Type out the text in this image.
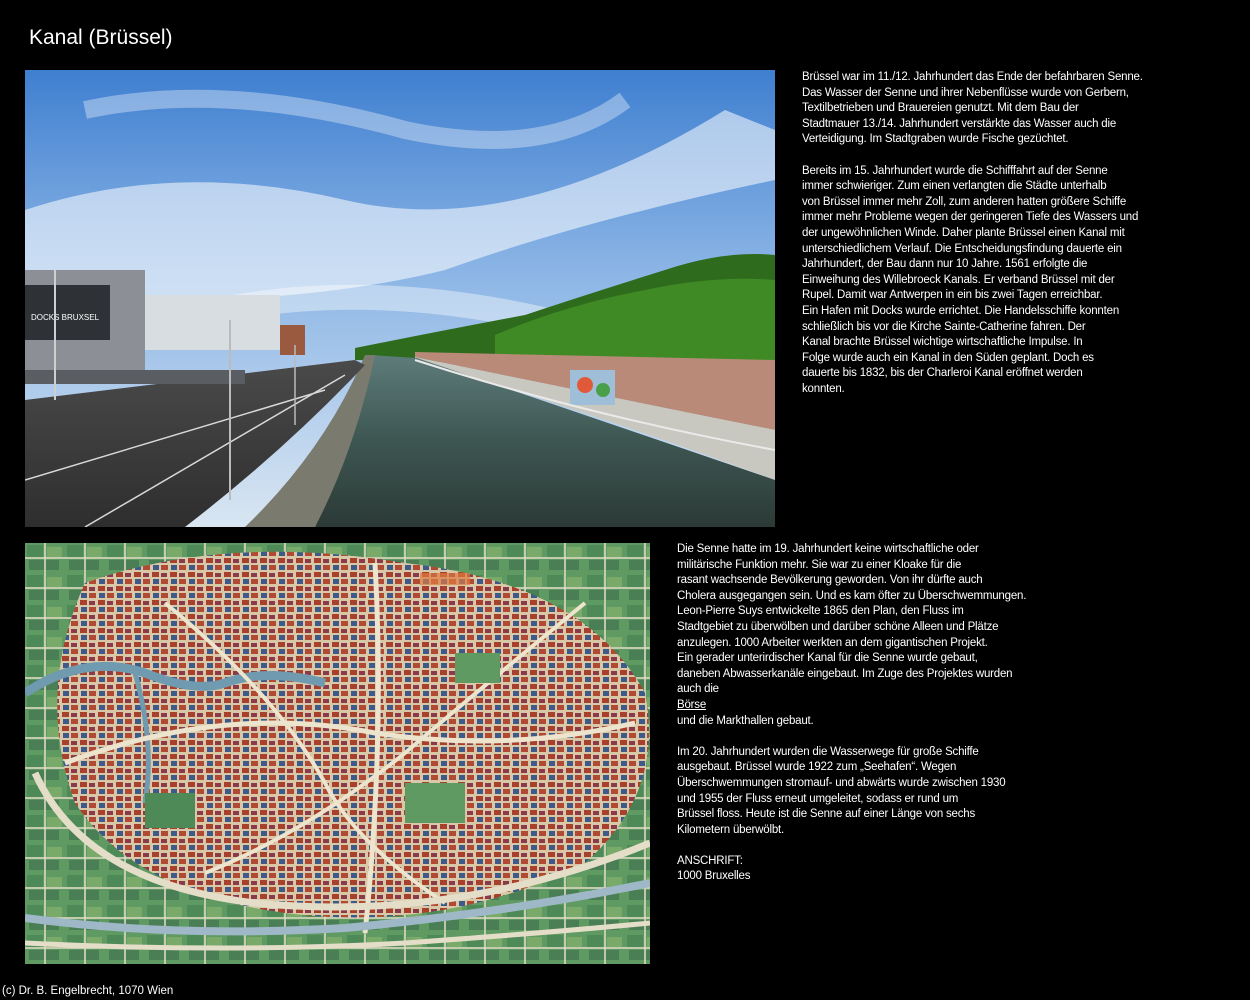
Kanal (Brüssel)
DOCKS BRUXSEL

Brüssel war im 11./12. Jahrhundert das Ende der befahrbaren Senne.
Das Wasser der Senne und ihrer Nebenflüsse wurde von Gerbern,
Textilbetrieben und Brauereien genutzt. Mit dem Bau der
Stadtmauer 13./14. Jahrhundert verstärkte das Wasser auch die
Verteidigung. Im Stadtgraben wurde Fische gezüchtet.

Bereits im 15. Jahrhundert wurde die Schifffahrt auf der Senne
immer schwieriger. Zum einen verlangten die Städte unterhalb
von Brüssel immer mehr Zoll, zum anderen hatten größere Schiffe
immer mehr Probleme wegen der geringeren Tiefe des Wassers und
der ungewöhnlichen Winde. Daher plante Brüssel einen Kanal mit
unterschiedlichem Verlauf. Die Entscheidungsfindung dauerte ein
Jahrhundert, der Bau dann nur 10 Jahre. 1561 erfolgte die
Einweihung des Willebroeck Kanals. Er verband Brüssel mit der
Rupel. Damit war Antwerpen in ein bis zwei Tagen erreichbar.
Ein Hafen mit Docks wurde errichtet. Die Handelsschiffe konnten
schließlich bis vor die Kirche Sainte-Catherine fahren. Der
Kanal brachte Brüssel wichtige wirtschaftliche Impulse. In
Folge wurde auch ein Kanal in den Süden geplant. Doch es
dauerte bis 1832, bis der Charleroi Kanal eröffnet werden
konnten.

Die Senne hatte im 19. Jahrhundert keine wirtschaftliche oder
militärische Funktion mehr. Sie war zu einer Kloake für die
rasant wachsende Bevölkerung geworden. Von ihr dürfte auch
Cholera ausgegangen sein. Und es kam öfter zu Überschwemmungen.
Leon-Pierre Suys entwickelte 1865 den Plan, den Fluss im
Stadtgebiet zu überwölben und darüber schöne Alleen und Plätze
anzulegen. 1000 Arbeiter werkten an dem gigantischen Projekt.
Ein gerader unterirdischer Kanal für die Senne wurde gebaut,
daneben Abwasserkanäle eingebaut. Im Zuge des Projektes wurden
auch die

Börse

und die Markthallen gebaut.

Im 20. Jahrhundert wurden die Wasserwege für große Schiffe
ausgebaut. Brüssel wurde 1922 zum „Seehafen“. Wegen
Überschwemmungen stromauf- und abwärts wurde zwischen 1930
und 1955 der Fluss erneut umgeleitet, sodass er rund um
Brüssel floss. Heute ist die Senne auf einer Länge von sechs
Kilometern überwölbt.

ANSCHRIFT:
1000 Bruxelles
(c) Dr. B. Engelbrecht, 1070 Wien
